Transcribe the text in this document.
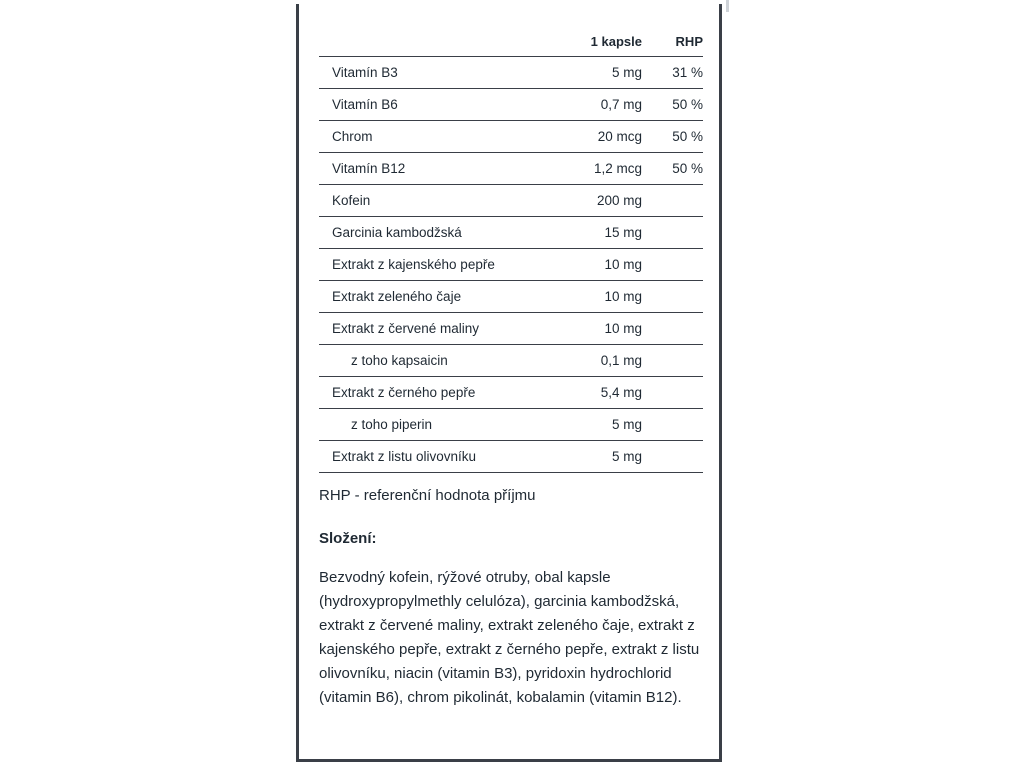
1 kapsle	RHP
Vitamín B3	5 mg	31 %
Vitamín B6	0,7 mg	50 %
Chrom	20 mcg	50 %
Vitamín B12	1,2 mcg	50 %
Kofein	200 mg
Garcinia kambodžská	15 mg
Extrakt z kajenského pepře	10 mg
Extrakt zeleného čaje	10 mg
Extrakt z červené maliny	10 mg
z toho kapsaicin	0,1 mg
Extrakt z černého pepře	5,4 mg
z toho piperin	5 mg
Extrakt z listu olivovníku	5 mg
RHP - referenční hodnota příjmu
Složení:
Bezvodný kofein, rýžové otruby, obal kapsle (hydroxypropylmethly celulóza), garcinia kambodžská, extrakt z červené maliny, extrakt zeleného čaje, extrakt z kajenského pepře, extrakt z černého pepře, extrakt z listu olivovníku, niacin (vitamin B3), pyridoxin hydrochlorid (vitamin B6), chrom pikolinát, kobalamin (vitamin B12).
